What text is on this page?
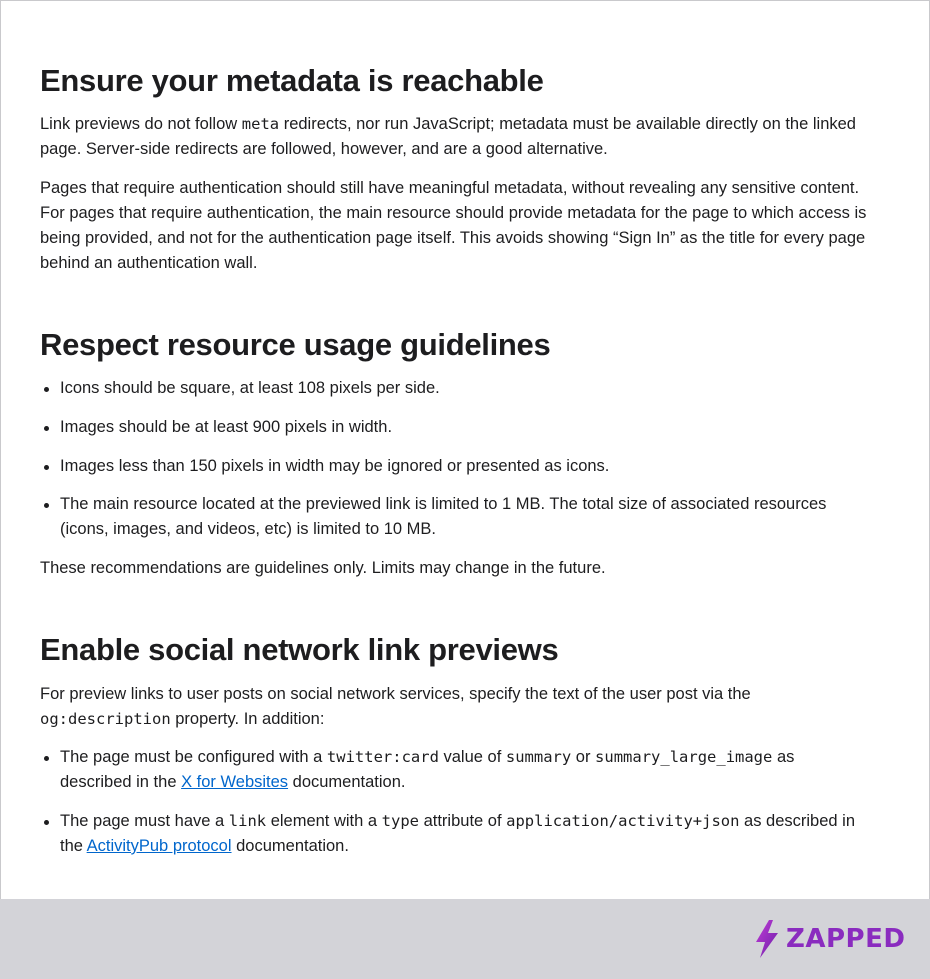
Ensure your metadata is reachable

Link previews do not follow meta redirects, nor run JavaScript; metadata must be available directly on the linked page. Server-side redirects are followed, however, and are a good alternative.

Pages that require authentication should still have meaningful metadata, without revealing any sensitive content. For pages that require authentication, the main resource should provide metadata for the page to which access is being provided, and not for the authentication page itself. This avoids showing “Sign In” as the title for every page behind an authentication wall.

Respect resource usage guidelines
Icons should be square, at least 108 pixels per side.
Images should be at least 900 pixels in width.
Images less than 150 pixels in width may be ignored or presented as icons.
The main resource located at the previewed link is limited to 1 MB. The total size of associated resources (icons, images, and videos, etc) is limited to 10 MB.

These recommendations are guidelines only. Limits may change in the future.

Enable social network link previews

For preview links to user posts on social network services, specify the text of the user post via the og:description property. In addition:

The page must be configured with a twitter:card value of summary or summary_large_image as described in the X for Websites documentation.
The page must have a link element with a type attribute of application/activity+json as described in the ActivityPub protocol documentation.
ZAPPED
